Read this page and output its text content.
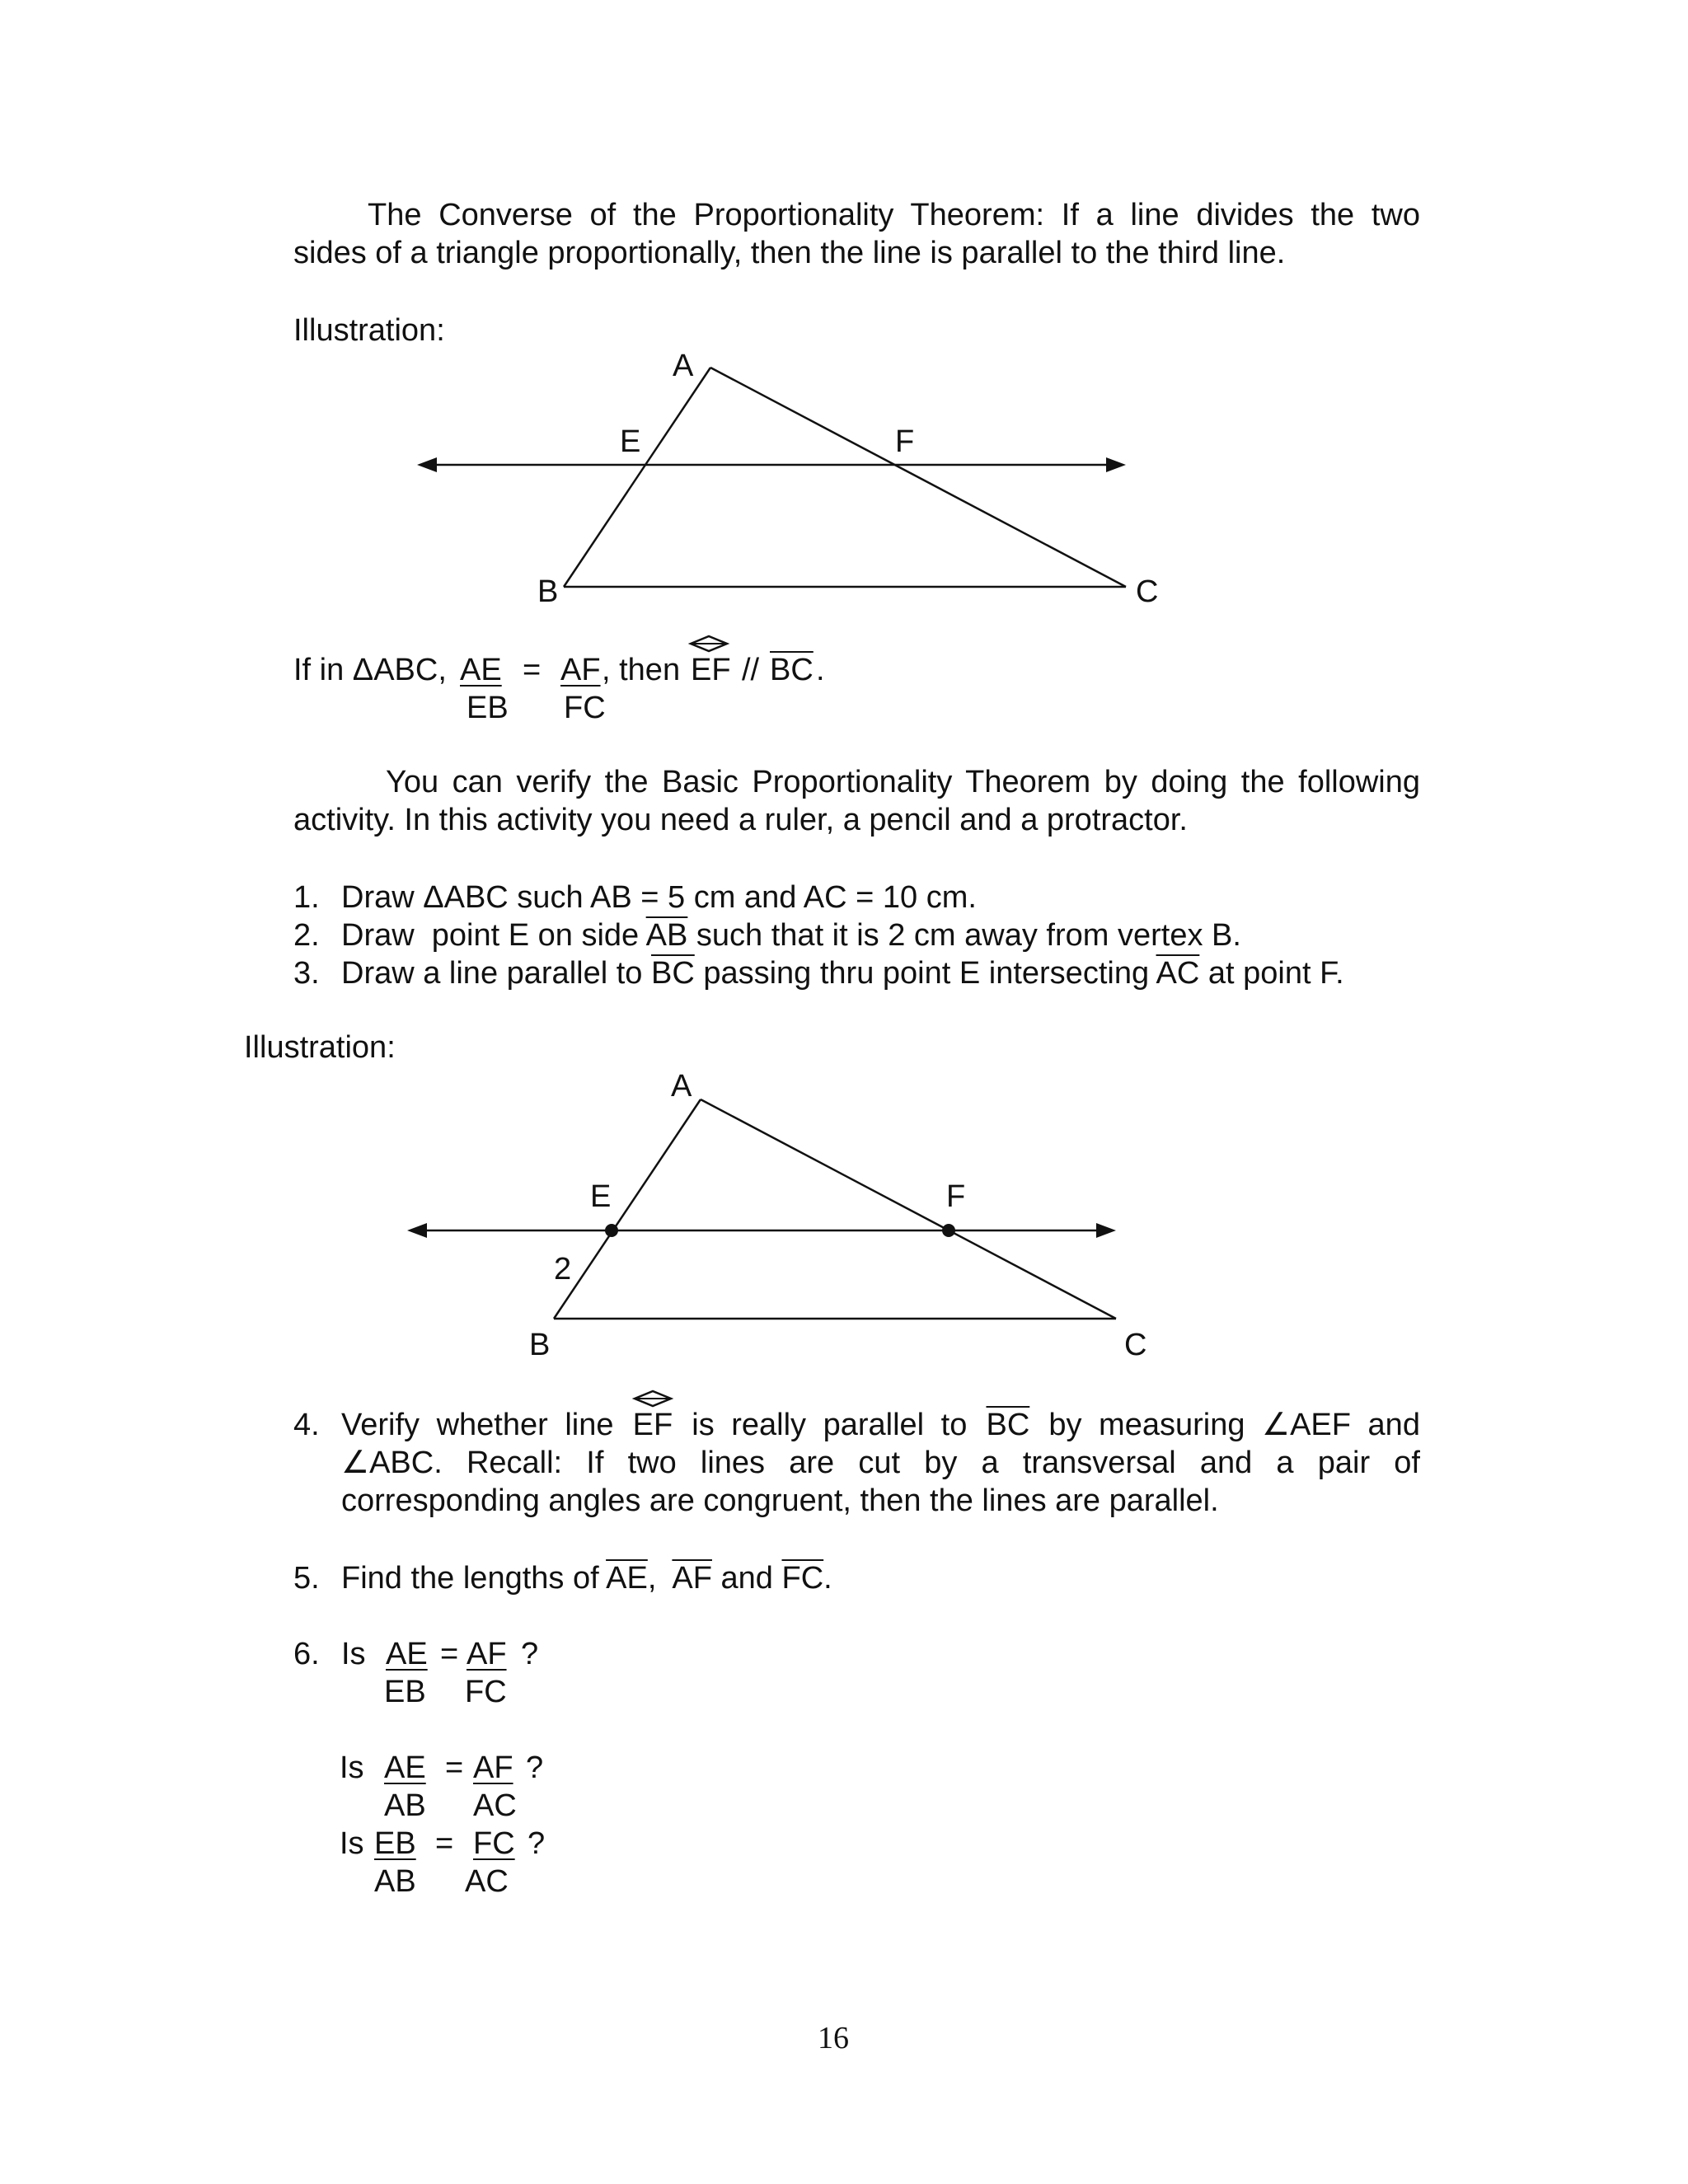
The Converse of the Proportionality Theorem: If a line divides the two
sides of a triangle proportionally, then the line is parallel to the third line.
Illustration:
A
B	C
E	F
If in ΔABC, AE
EB
= AF
FC
, then EF // $\overline{BC}$ .
You can verify the Basic Proportionality Theorem by doing the following
activity. In this activity you need a ruler, a pencil and a protractor.
1. Draw ΔABC such AB = 5 cm and AC = 10 cm.
2. Draw  point E on side $\overline{AB}$ such that it is 2 cm away from vertex B.
3. Draw a line parallel to $\overline{BC}$ passing thru point E intersecting $\overline{AC}$ at point F.
Illustration:
A
B	C
E	F
2
4. Verify whether line EF is really parallel to $\overline{BC}$ by measuring ∠AEF and
∠ABC. Recall: If two lines are cut by a transversal and a pair of
corresponding angles are congruent, then the lines are parallel.
5. Find the lengths of $\overline{AE}$,  $\overline{AF}$ and $\overline{FC}$.
6. Is AE
EB
= AF
FC
?
Is AE
AB
= AF
AC
?
Is EB
AB
= FC
AC
?
16
